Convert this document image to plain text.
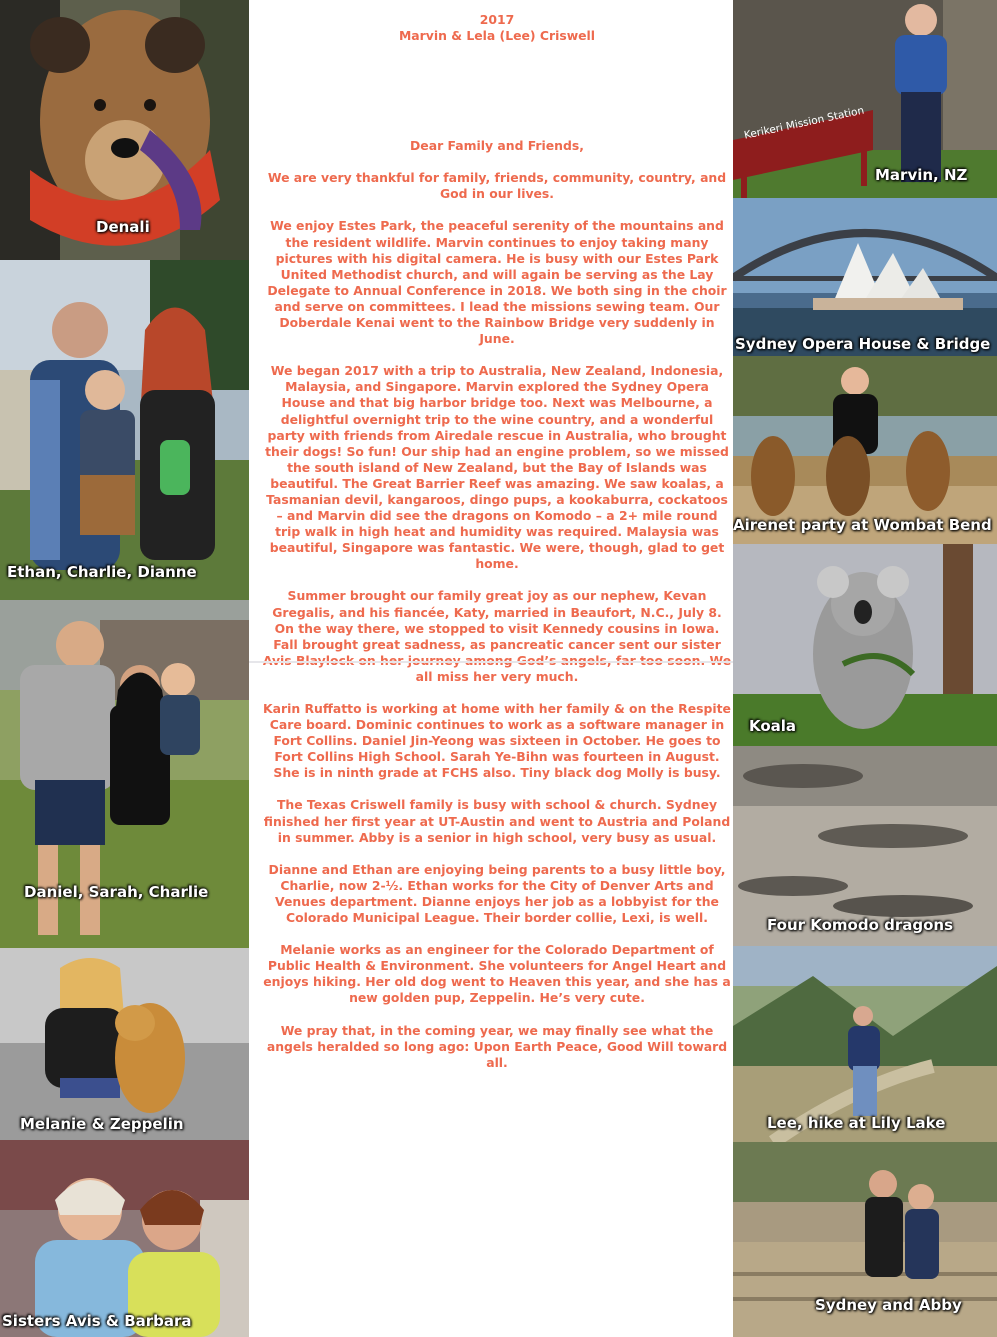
Denali
Ethan, Charlie, Dianne
Daniel, Sarah, Charlie
Melanie & Zeppelin
Sisters Avis & Barbara

2017

Marvin & Lela (Lee) Criswell

Dear Family and Friends,

We are very thankful for family, friends, community, country, and God in our lives.

We enjoy Estes Park, the peaceful serenity of the mountains and the resident wildlife. Marvin continues to enjoy taking many pictures with his digital camera. He is busy with our Estes Park United Methodist church, and will again be serving as the Lay Delegate to Annual Conference in 2018. We both sing in the choir and serve on committees. I lead the missions sewing team. Our Doberdale Kenai went to the Rainbow Bridge very suddenly in June.

We began 2017 with a trip to Australia, New Zealand, Indonesia, Malaysia, and Singapore. Marvin explored the Sydney Opera House and that big harbor bridge too. Next was Melbourne, a delightful overnight trip to the wine country, and a wonderful party with friends from Airedale rescue in Australia, who brought their dogs! So fun! Our ship had an engine problem, so we missed the south island of New Zealand, but the Bay of Islands was beautiful. The Great Barrier Reef was amazing. We saw koalas, a Tasmanian devil, kangaroos, dingo pups, a kookaburra, cockatoos – and Marvin did see the dragons on Komodo – a 2+ mile round trip walk in high heat and humidity was required. Malaysia was beautiful, Singapore was fantastic. We were, though, glad to get home.

Summer brought our family great joy as our nephew, Kevan Gregalis, and his fiancée, Katy, married in Beaufort, N.C., July 8. On the way there, we stopped to visit Kennedy cousins in Iowa. Fall brought great sadness, as pancreatic cancer sent our sister all miss her very much.

Karin Ruffatto is working at home with her family & on the Respite Care board. Dominic continues to work as a software manager in Fort Collins. Daniel Jin-Yeong was sixteen in October. He goes to Fort Collins High School. Sarah Ye-Bihn was fourteen in August. She is in ninth grade at FCHS also. Tiny black dog Molly is busy.

The Texas Criswell family is busy with school & church. Sydney finished her first year at UT-Austin and went to Austria and Poland in summer. Abby is a senior in high school, very busy as usual.

Dianne and Ethan are enjoying being parents to a busy little boy, Charlie, now 2-½. Ethan works for the City of Denver Arts and Venues department. Dianne enjoys her job as a lobbyist for the Colorado Municipal League. Their border collie, Lexi, is well.

Melanie works as an engineer for the Colorado Department of Public Health & Environment. She volunteers for Angel Heart and enjoys hiking. Her old dog went to Heaven this year, and she has a new golden pup, Zeppelin. He’s very cute.

We pray that, in the coming year, we may finally see what the angels heralded so long ago: Upon Earth Peace, Good Will toward all.

Kerikeri Mission Station
Marvin, NZ
Sydney Opera House & Bridge
Airenet party at Wombat Bend
Koala
Four Komodo dragons
Lee, hike at Lily Lake
Sydney and Abby
